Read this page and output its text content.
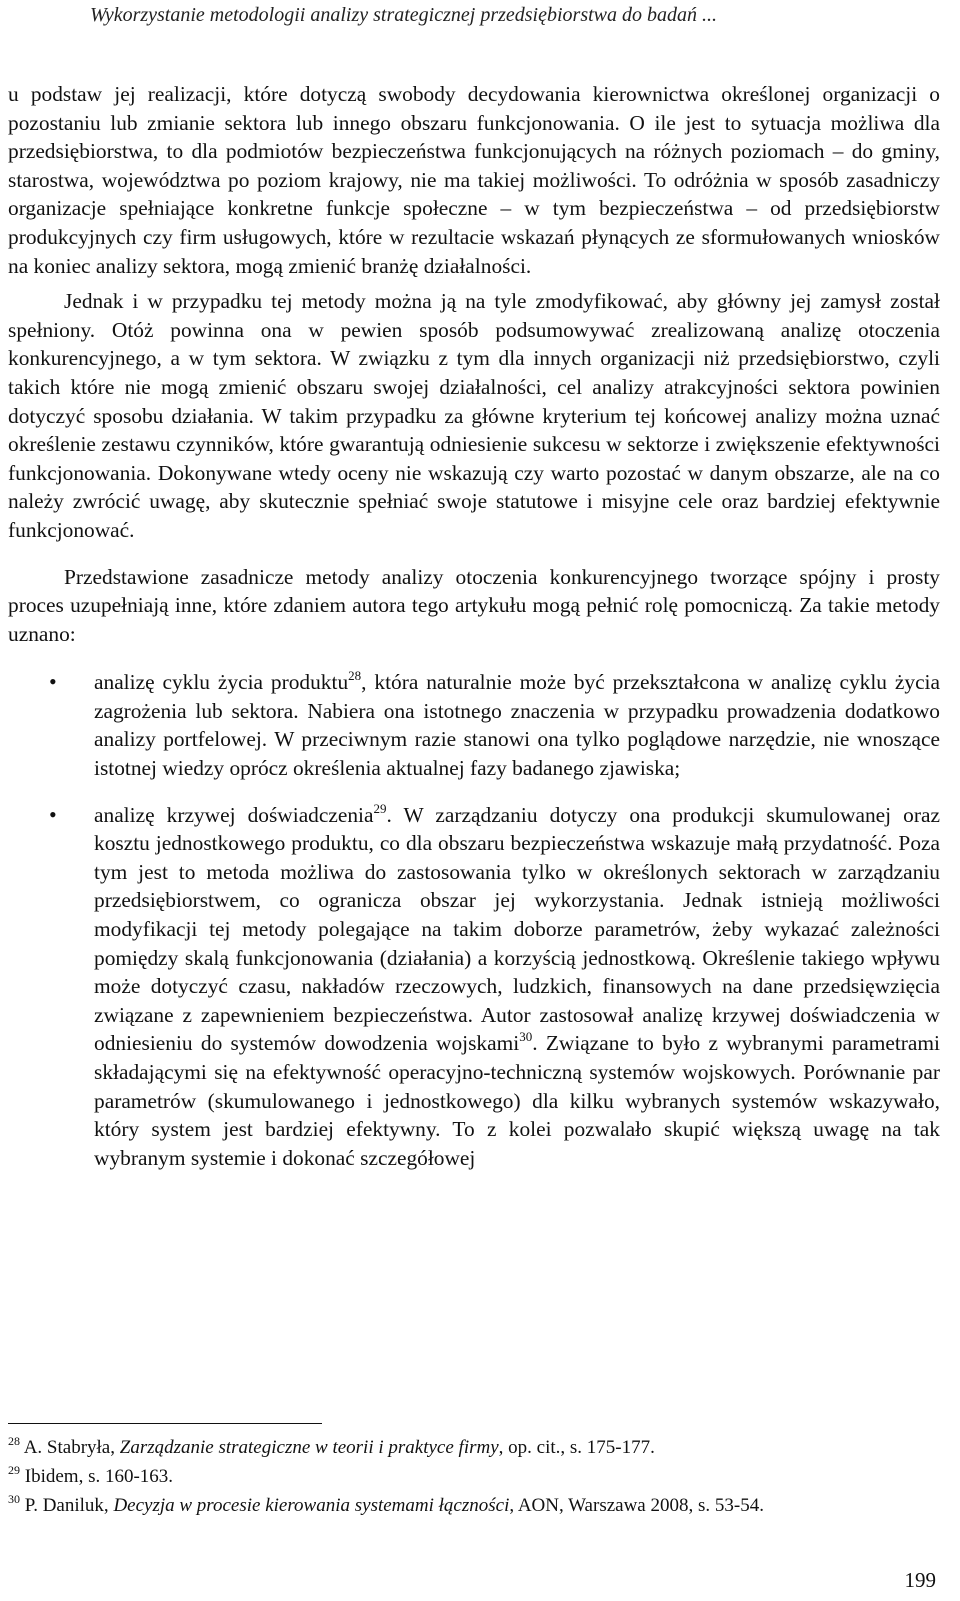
Wykorzystanie metodologii analizy strategicznej przedsiębiorstwa do badań ...

u podstaw jej realizacji, które dotyczą swobody decydowania kierownictwa określonej organizacji o pozostaniu lub zmianie sektora lub innego obszaru funkcjonowania. O ile jest to sytuacja możliwa dla przedsiębiorstwa, to dla podmiotów bezpieczeństwa funkcjonujących na różnych poziomach – do gminy, starostwa, województwa po poziom krajowy, nie ma takiej możliwości. To odróżnia w sposób zasadniczy organizacje spełniające konkretne funkcje społeczne – w tym bezpieczeństwa – od przedsiębiorstw produkcyjnych czy firm usługowych, które w rezultacie wskazań płynących ze sformułowanych wniosków na koniec analizy sektora, mogą zmienić branżę działalności.

Jednak i w przypadku tej metody można ją na tyle zmodyfikować, aby główny jej zamysł został spełniony. Otóż powinna ona w pewien sposób podsumowywać zrealizowaną analizę otoczenia konkurencyjnego, a w tym sektora. W związku z tym dla innych organizacji niż przedsiębiorstwo, czyli takich które nie mogą zmienić obszaru swojej działalności, cel analizy atrakcyjności sektora powinien dotyczyć sposobu działania. W takim przypadku za główne kryterium tej końcowej analizy można uznać określenie zestawu czynników, które gwarantują odniesienie sukcesu w sektorze i zwiększenie efektywności funkcjonowania. Dokonywane wtedy oceny nie wskazują czy warto pozostać w danym obszarze, ale na co należy zwrócić uwagę, aby skutecznie spełniać swoje statutowe i misyjne cele oraz bardziej efektywnie funkcjonować.

Przedstawione zasadnicze metody analizy otoczenia konkurencyjnego tworzące spójny i prosty proces uzupełniają inne, które zdaniem autora tego artykułu mogą pełnić rolę pomocniczą. Za takie metody uznano:

• analizę cyklu życia produktu$^{28}$, która naturalnie może być przekształcona w analizę cyklu życia zagrożenia lub sektora. Nabiera ona istotnego znaczenia w przypadku prowadzenia dodatkowo analizy portfelowej. W przeciwnym razie stanowi ona tylko poglądowe narzędzie, nie wnoszące istotnej wiedzy oprócz określenia aktualnej fazy badanego zjawiska;
• analizę krzywej doświadczenia$^{29}$. W zarządzaniu dotyczy ona produkcji skumulowanej oraz kosztu jednostkowego produktu, co dla obszaru bezpieczeństwa wskazuje małą przydatność. Poza tym jest to metoda możliwa do zastosowania tylko w określonych sektorach w zarządzaniu przedsiębiorstwem, co ogranicza obszar jej wykorzystania. Jednak istnieją możliwości modyfikacji tej metody polegające na takim doborze parametrów, żeby wykazać zależności pomiędzy skalą funkcjonowania (działania) a korzyścią jednostkową. Określenie takiego wpływu może dotyczyć czasu, nakładów rzeczowych, ludzkich, finansowych na dane przedsięwzięcia związane z zapewnieniem bezpieczeństwa. Autor zastosował analizę krzywej doświadczenia w odniesieniu do systemów dowodzenia wojskami$^{30}$. Związane to było z wybranymi parametrami składającymi się na efektywność operacyjno-techniczną systemów wojskowych. Porównanie par parametrów (skumulowanego i jednostkowego) dla kilku wybranych systemów wskazywało, który system jest bardziej efektywny. To z kolei pozwalało skupić większą uwagę na tak wybranym systemie i dokonać szczegółowej

$^{28}$ A. Stabryła, Zarządzanie strategiczne w teorii i praktyce firmy, op. cit., s. 175-177.

$^{29}$ Ibidem, s. 160-163.

$^{30}$ P. Daniluk, Decyzja w procesie kierowania systemami łączności, AON, Warszawa 2008, s. 53-54.

199
